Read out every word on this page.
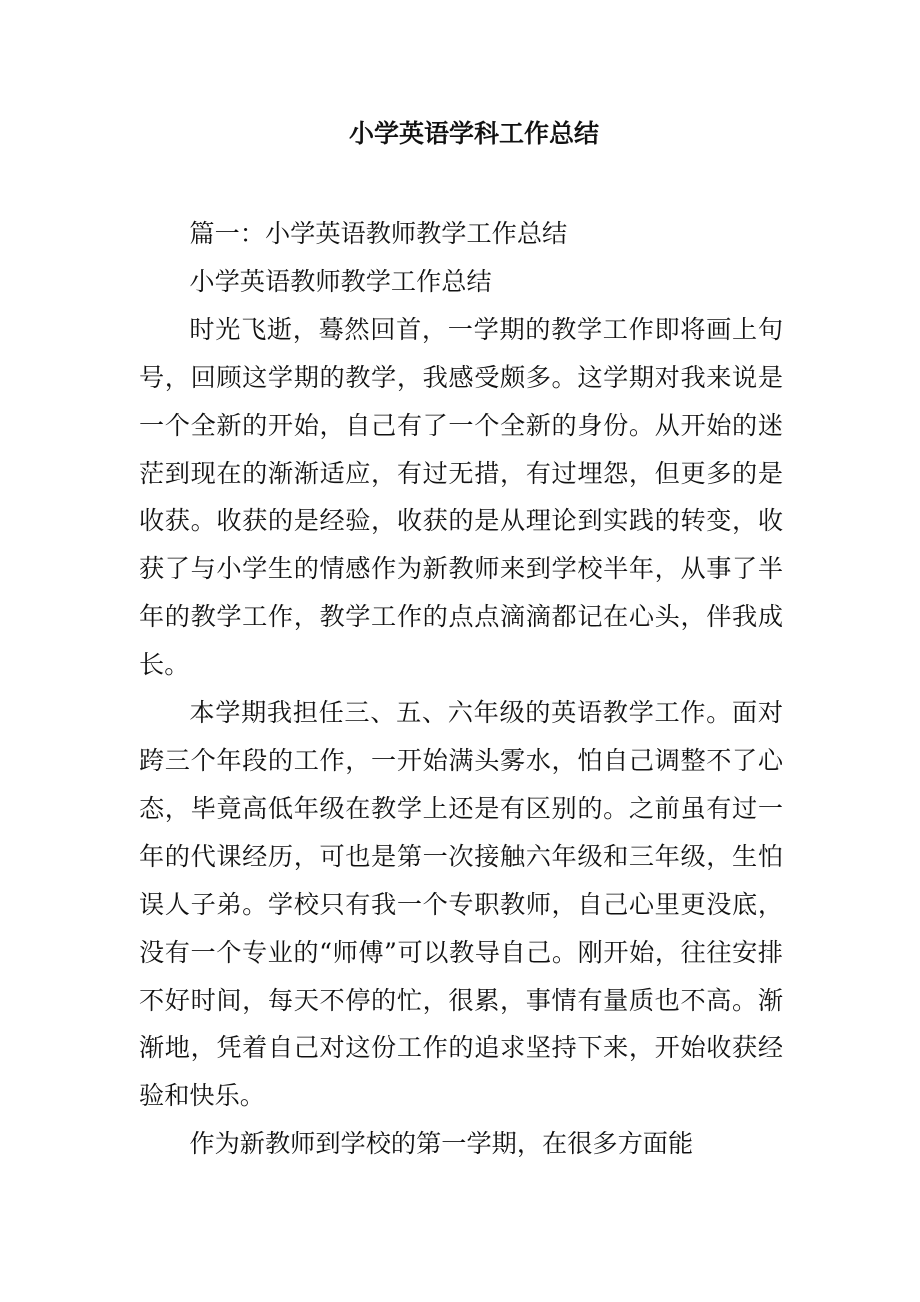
小学英语学科工作总结

篇一：小学英语教师教学工作总结

小学英语教师教学工作总结

时光飞逝，蓦然回首，一学期的教学工作即将画上句号，回顾这学期的教学，我感受颇多。这学期对我来说是一个全新的开始，自己有了一个全新的身份。从开始的迷茫到现在的渐渐适应，有过无措，有过埋怨，但更多的是收获。收获的是经验，收获的是从理论到实践的转变，收获了与小学生的情感作为新教师来到学校半年，从事了半年的教学工作，教学工作的点点滴滴都记在心头，伴我成长。

本学期我担任三、五、六年级的英语教学工作。面对跨三个年段的工作，一开始满头雾水，怕自己调整不了心态，毕竟高低年级在教学上还是有区别的。之前虽有过一年的代课经历，可也是第一次接触六年级和三年级，生怕误人子弟。学校只有我一个专职教师，自己心里更没底，没有一个专业的“师傅”可以教导自己。刚开始，往往安排不好时间，每天不停的忙，很累，事情有量质也不高。渐渐地，凭着自己对这份工作的追求坚持下来，开始收获经验和快乐。

作为新教师到学校的第一学期，在很多方面能
